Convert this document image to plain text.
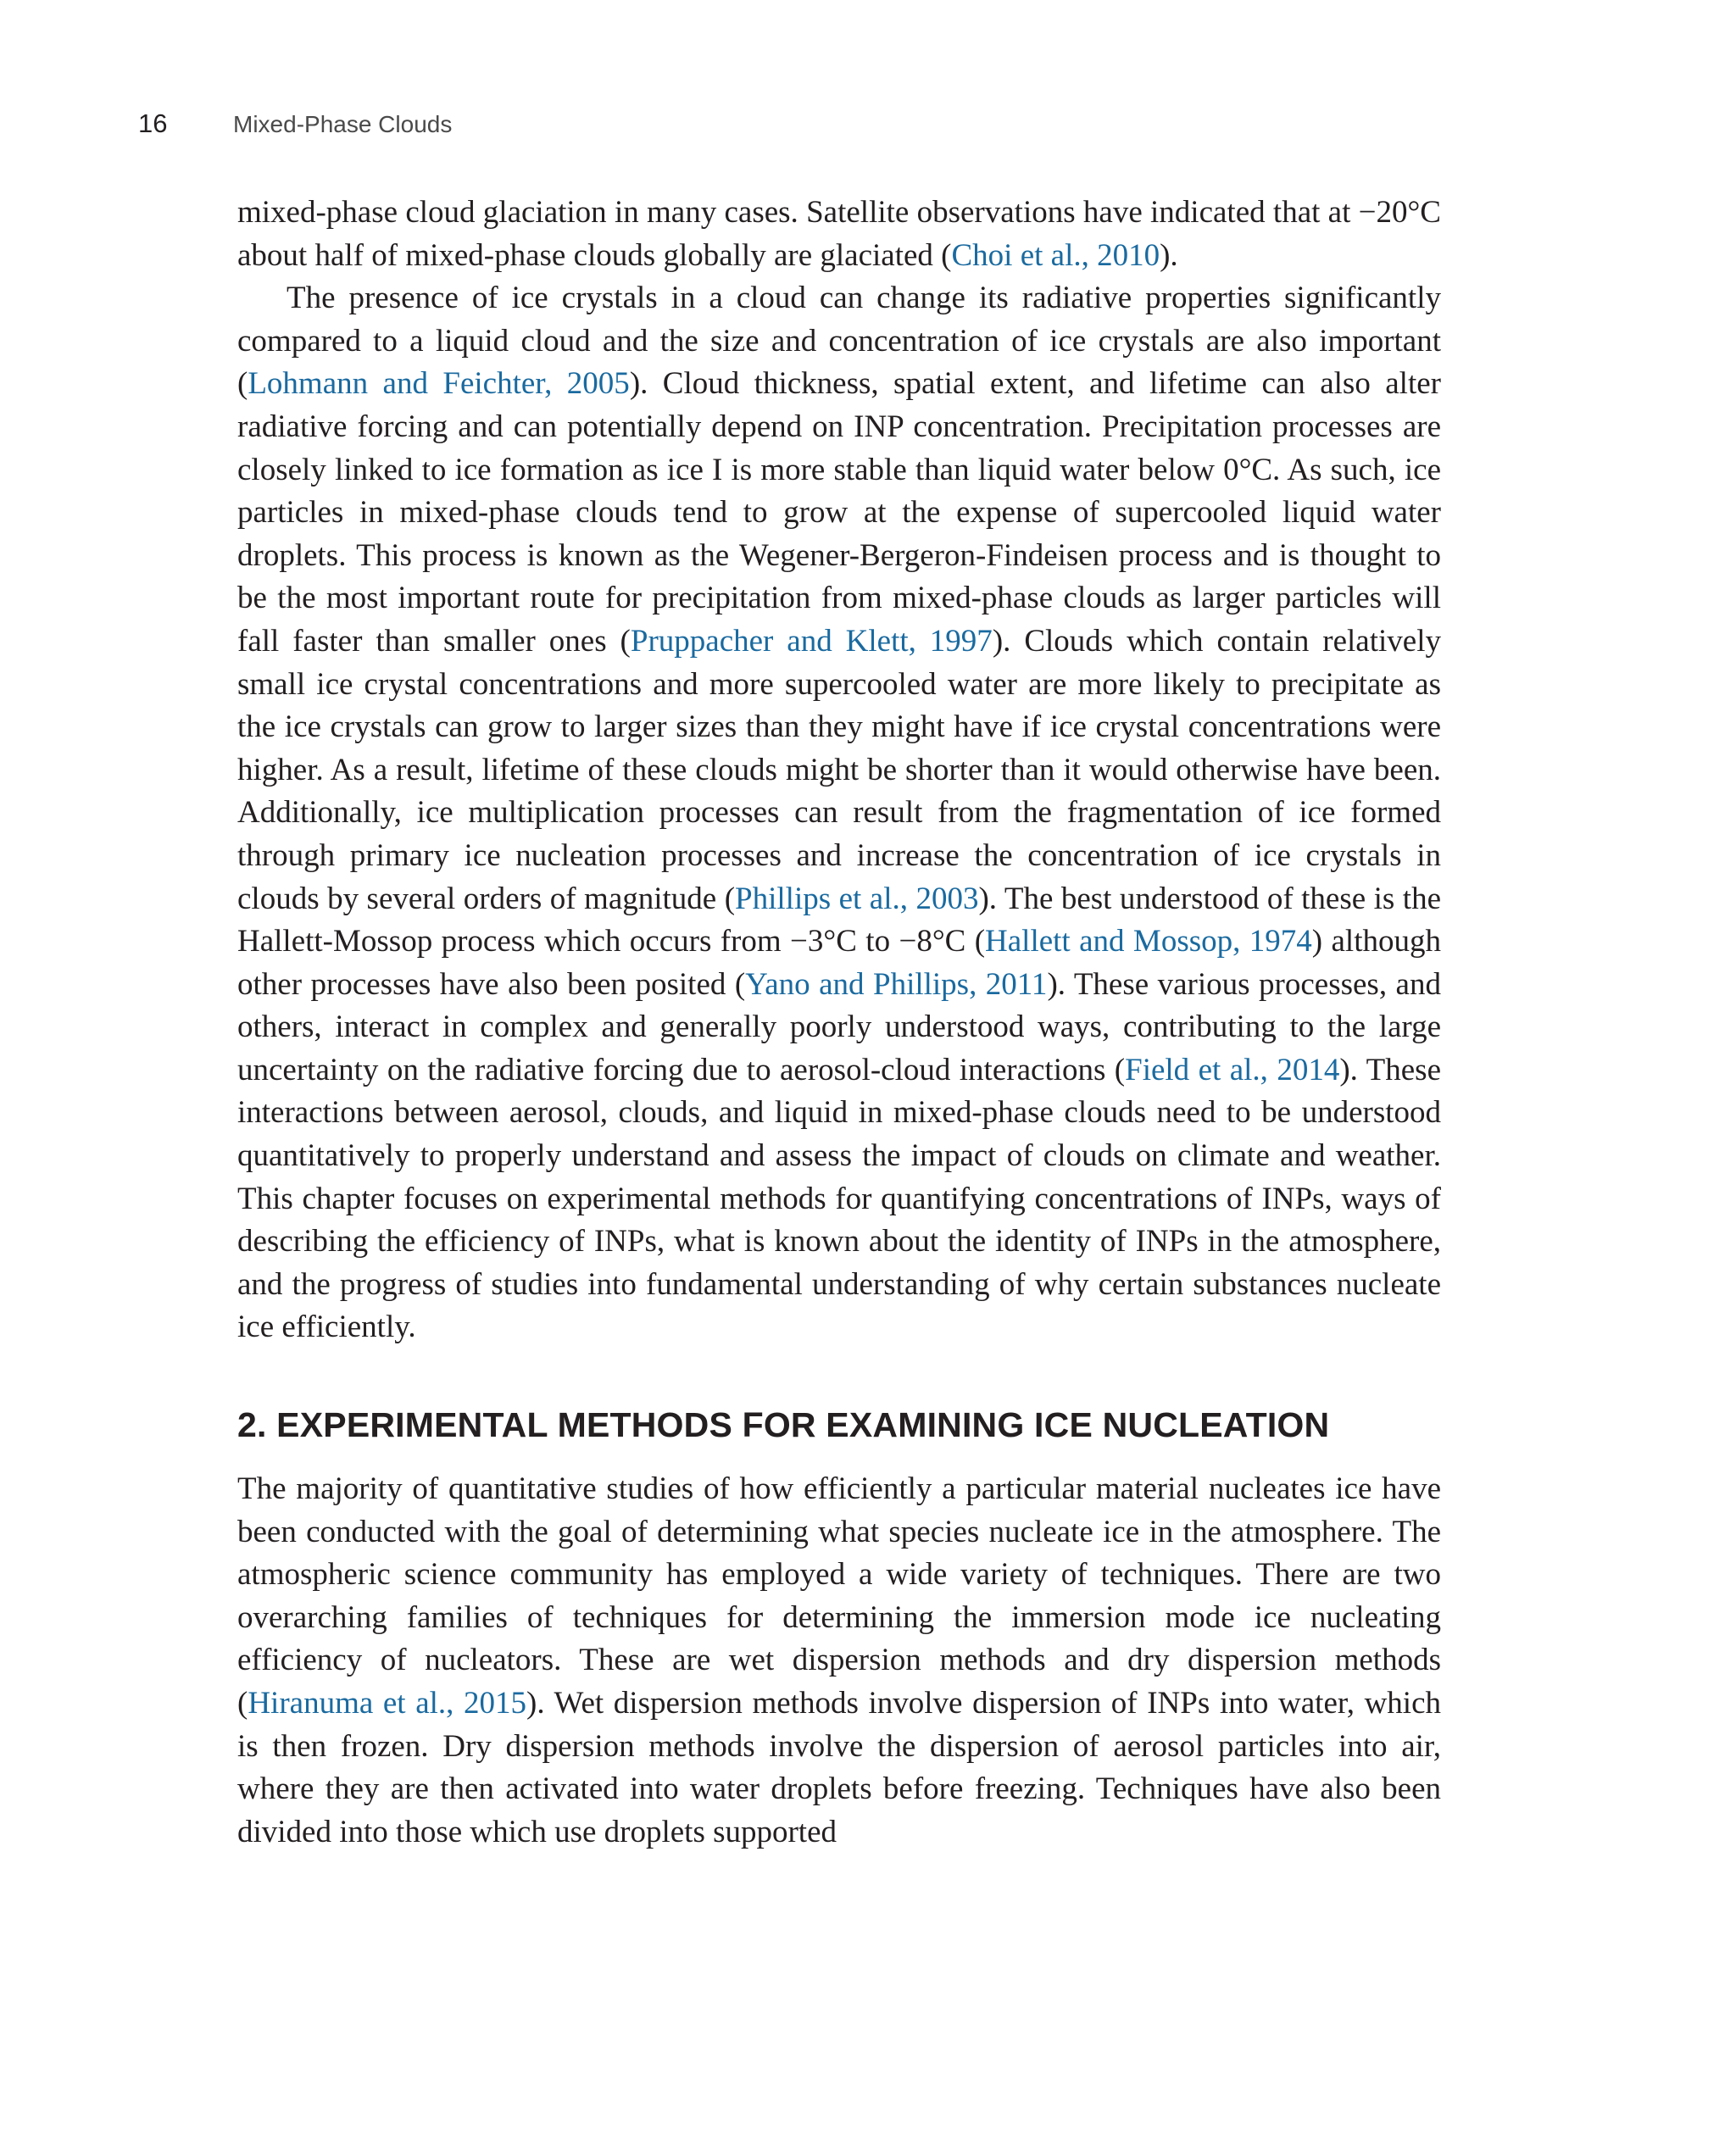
16	Mixed-Phase Clouds

mixed-phase cloud glaciation in many cases. Satellite observations have indicated that at −20°C about half of mixed-phase clouds globally are glaciated (Choi et al., 2010).

The presence of ice crystals in a cloud can change its radiative properties significantly compared to a liquid cloud and the size and concentration of ice crystals are also important (Lohmann and Feichter, 2005). Cloud thickness, spatial extent, and lifetime can also alter radiative forcing and can potentially depend on INP concentration. Precipitation processes are closely linked to ice formation as ice I is more stable than liquid water below 0°C. As such, ice particles in mixed-phase clouds tend to grow at the expense of supercooled liquid water droplets. This process is known as the Wegener-Bergeron-Findeisen process and is thought to be the most important route for precipitation from mixed-phase clouds as larger particles will fall faster than smaller ones (Pruppacher and Klett, 1997). Clouds which contain relatively small ice crystal concentrations and more supercooled water are more likely to precipitate as the ice crystals can grow to larger sizes than they might have if ice crystal concentrations were higher. As a result, lifetime of these clouds might be shorter than it would otherwise have been. Additionally, ice multiplication processes can result from the fragmentation of ice formed through primary ice nucleation processes and increase the concentration of ice crystals in clouds by several orders of magnitude (Phillips et al., 2003). The best understood of these is the Hallett-Mossop process which occurs from −3°C to −8°C (Hallett and Mossop, 1974) although other processes have also been posited (Yano and Phillips, 2011). These various processes, and others, interact in complex and generally poorly understood ways, contributing to the large uncertainty on the radiative forcing due to aerosol-cloud interactions (Field et al., 2014). These interactions between aerosol, clouds, and liquid in mixed-phase clouds need to be understood quantitatively to properly understand and assess the impact of clouds on climate and weather. This chapter focuses on experimental methods for quantifying concentrations of INPs, ways of describing the efficiency of INPs, what is known about the identity of INPs in the atmosphere, and the progress of studies into fundamental understanding of why certain substances nucleate ice efficiently.

2. EXPERIMENTAL METHODS FOR EXAMINING ICE NUCLEATION

The majority of quantitative studies of how efficiently a particular material nucleates ice have been conducted with the goal of determining what species nucleate ice in the atmosphere. The atmospheric science community has employed a wide variety of techniques. There are two overarching families of techniques for determining the immersion mode ice nucleating efficiency of nucleators. These are wet dispersion methods and dry dispersion methods (Hiranuma et al., 2015). Wet dispersion methods involve dispersion of INPs into water, which is then frozen. Dry dispersion methods involve the dispersion of aerosol particles into air, where they are then activated into water droplets before freezing. Techniques have also been divided into those which use droplets supported
